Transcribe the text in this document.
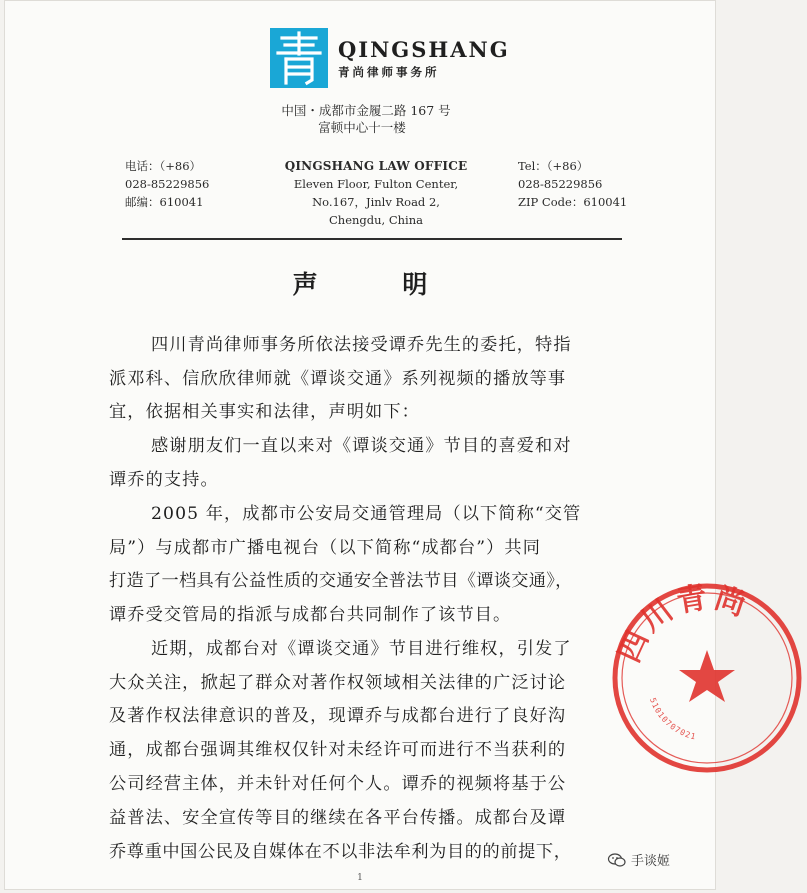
QINGSHANG
青尚律师事务所
中国・成都市金履二路 167 号
富顿中心十一楼
电话：（+86）
028-85229856
邮编：610041
QINGSHANG LAW OFFICE
Eleven Floor, Fulton Center,
No.167，Jinlv Road 2,
Chengdu, China
Tel：（+86）
028-85229856
ZIP Code：610041
声 明
四川青尚律师事务所依法接受谭乔先生的委托，特指
派邓科、信欣欣律师就《谭谈交通》系列视频的播放等事
宜，依据相关事实和法律，声明如下：
感谢朋友们一直以来对《谭谈交通》节目的喜爱和对
谭乔的支持。
2005 年，成都市公安局交通管理局（以下简称“交管
局”）与成都市广播电视台（以下简称“成都台”）共同
打造了一档具有公益性质的交通安全普法节目《谭谈交通》，
谭乔受交管局的指派与成都台共同制作了该节目。
近期，成都台对《谭谈交通》节目进行维权，引发了
大众关注，掀起了群众对著作权领域相关法律的广泛讨论
及著作权法律意识的普及，现谭乔与成都台进行了良好沟
通，成都台强调其维权仅针对未经许可而进行不当获利的
公司经营主体，并未针对任何个人。谭乔的视频将基于公
益普法、安全宣传等目的继续在各平台传播。成都台及谭
乔尊重中国公民及自媒体在不以非法牟利为目的的前提下，
四川青尚
51010707021
手谈姬
1
